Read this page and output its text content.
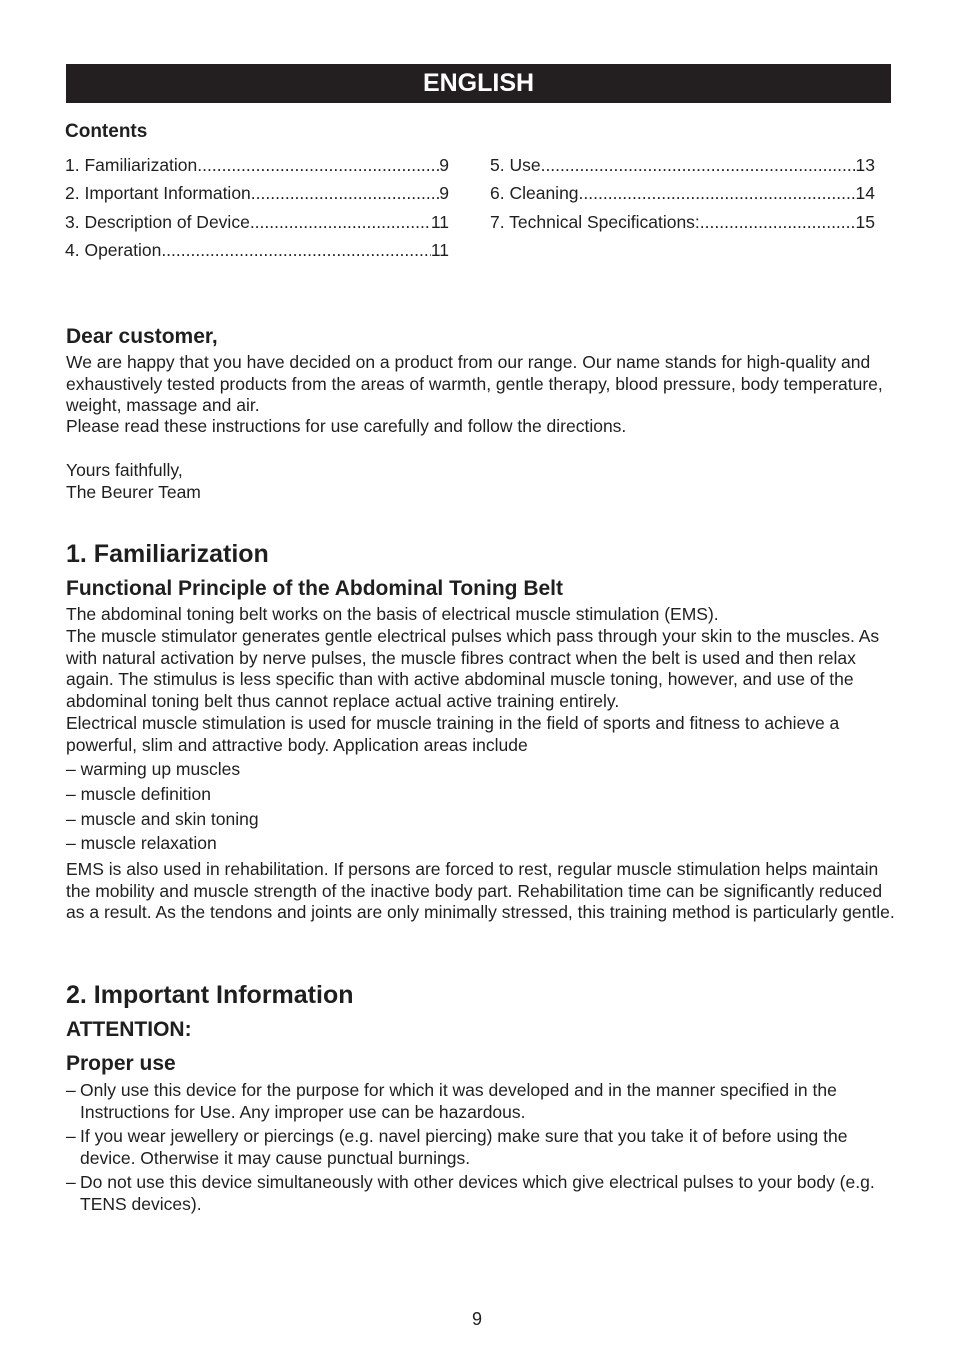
ENGLISH
Contents
1. Familiarization .....	9
2. Important Information .....	9
3. Description of Device .....	11
4. Operation .....	11
5. Use .....	13
6. Cleaning .....	14
7. Technical Specifications: .....	15
Dear customer,

We are happy that you have decided on a product from our range. Our name stands for high-quality and exhaustively tested products from the areas of warmth, gentle therapy, blood pressure, body temperature, weight, massage and air.

Please read these instructions for use carefully and follow the directions.

Yours faithfully,

The Beurer Team

1. Familiarization
Functional Principle of the Abdominal Toning Belt

The abdominal toning belt works on the basis of electrical muscle stimulation (EMS).

The muscle stimulator generates gentle electrical pulses which pass through your skin to the muscles. As with natural activation by nerve pulses, the muscle fibres contract when the belt is used and then relax again. The stimulus is less specific than with active abdominal muscle toning, however, and use of the abdominal toning belt thus cannot replace actual active training entirely.

Electrical muscle stimulation is used for muscle training in the field of sports and fitness to achieve a powerful, slim and attractive body. Application areas include

– warming up muscles
– muscle definition
– muscle and skin toning
– muscle relaxation

EMS is also used in rehabilitation. If persons are forced to rest, regular muscle stimulation helps maintain the mobility and muscle strength of the inactive body part. Rehabilitation time can be significantly reduced as a result. As the tendons and joints are only minimally stressed, this training method is particularly gentle.

2. Important Information
ATTENTION:
Proper use
– Only use this device for the purpose for which it was developed and in the manner specified in the Instructions for Use. Any improper use can be hazardous.
– If you wear jewellery or piercings (e.g. navel piercing) make sure that you take it of before using the device. Otherwise it may cause punctual burnings.
– Do not use this device simultaneously with other devices which give electrical pulses to your body (e.g. TENS devices).
9
